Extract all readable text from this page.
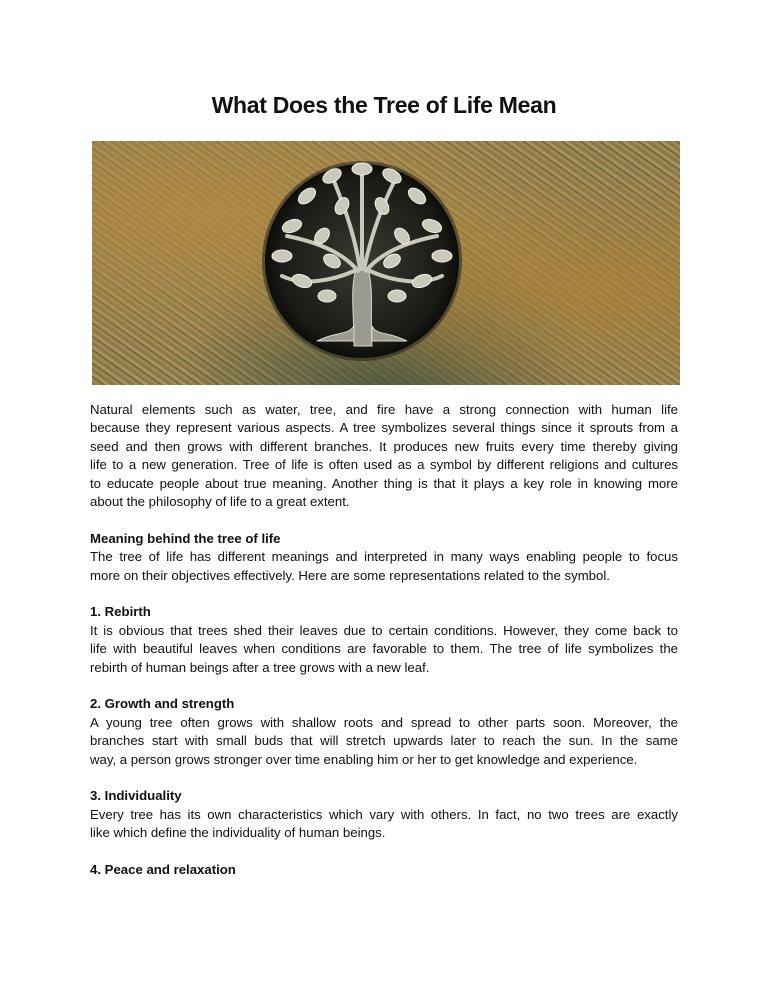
What Does the Tree of Life Mean
Natural elements such as water, tree, and fire have a strong connection with human life
because they represent various aspects. A tree symbolizes several things since it sprouts from a
seed and then grows with different branches. It produces new fruits every time thereby giving
life to a new generation. Tree of life is often used as a symbol by different religions and cultures
to educate people about true meaning. Another thing is that it plays a key role in knowing more
about the philosophy of life to a great extent.
Meaning behind the tree of life
The tree of life has different meanings and interpreted in many ways enabling people to focus
more on their objectives effectively. Here are some representations related to the symbol.
1. Rebirth
It is obvious that trees shed their leaves due to certain conditions. However, they come back to
life with beautiful leaves when conditions are favorable to them. The tree of life symbolizes the
rebirth of human beings after a tree grows with a new leaf.
2. Growth and strength
A young tree often grows with shallow roots and spread to other parts soon. Moreover, the
branches start with small buds that will stretch upwards later to reach the sun. In the same
way, a person grows stronger over time enabling him or her to get knowledge and experience.
3. Individuality
Every tree has its own characteristics which vary with others. In fact, no two trees are exactly
like which define the individuality of human beings.
4. Peace and relaxation
